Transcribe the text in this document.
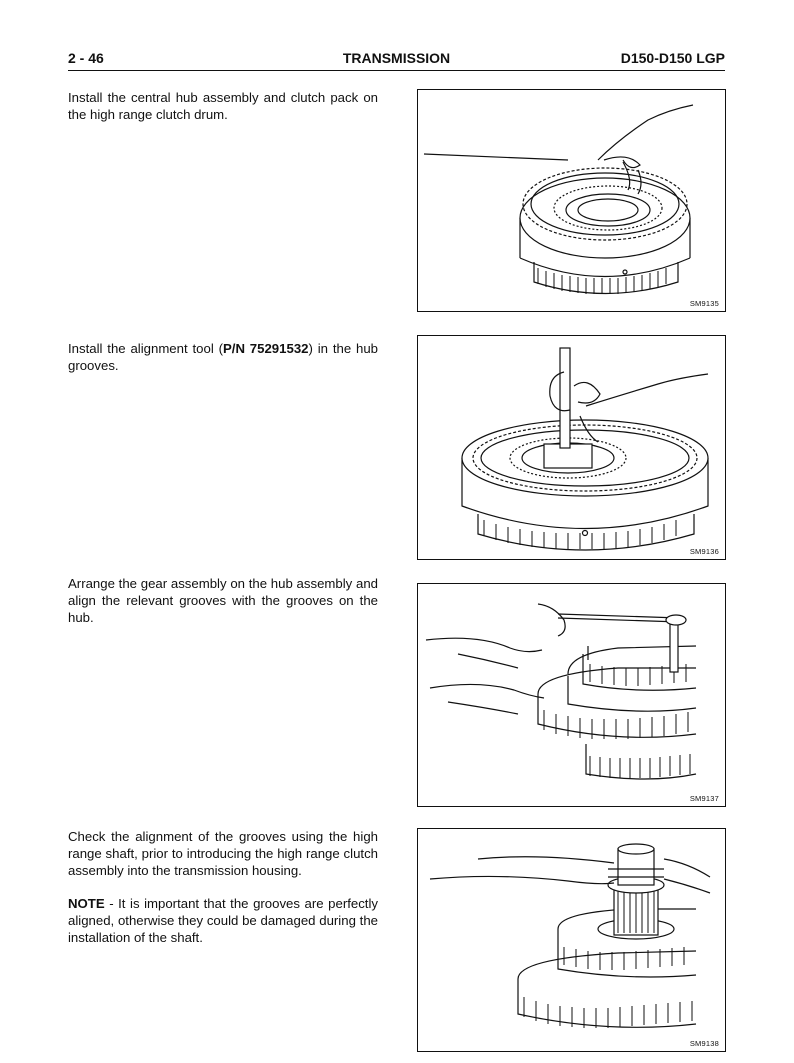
2 - 46	TRANSMISSION	D150-D150 LGP

Install the central hub assembly and clutch pack on the high range clutch drum.

SM9135

Install the alignment tool (P/N 75291532) in the hub grooves.

SM9136

Arrange the gear assembly on the hub assembly and align the relevant grooves with the grooves on the hub.

SM9137

Check the alignment of the grooves using the high range shaft, prior to introducing the high range clutch assembly into the transmission housing.

NOTE - It is important that the grooves are perfectly aligned, otherwise they could be damaged during the installation of the shaft.

SM9138
